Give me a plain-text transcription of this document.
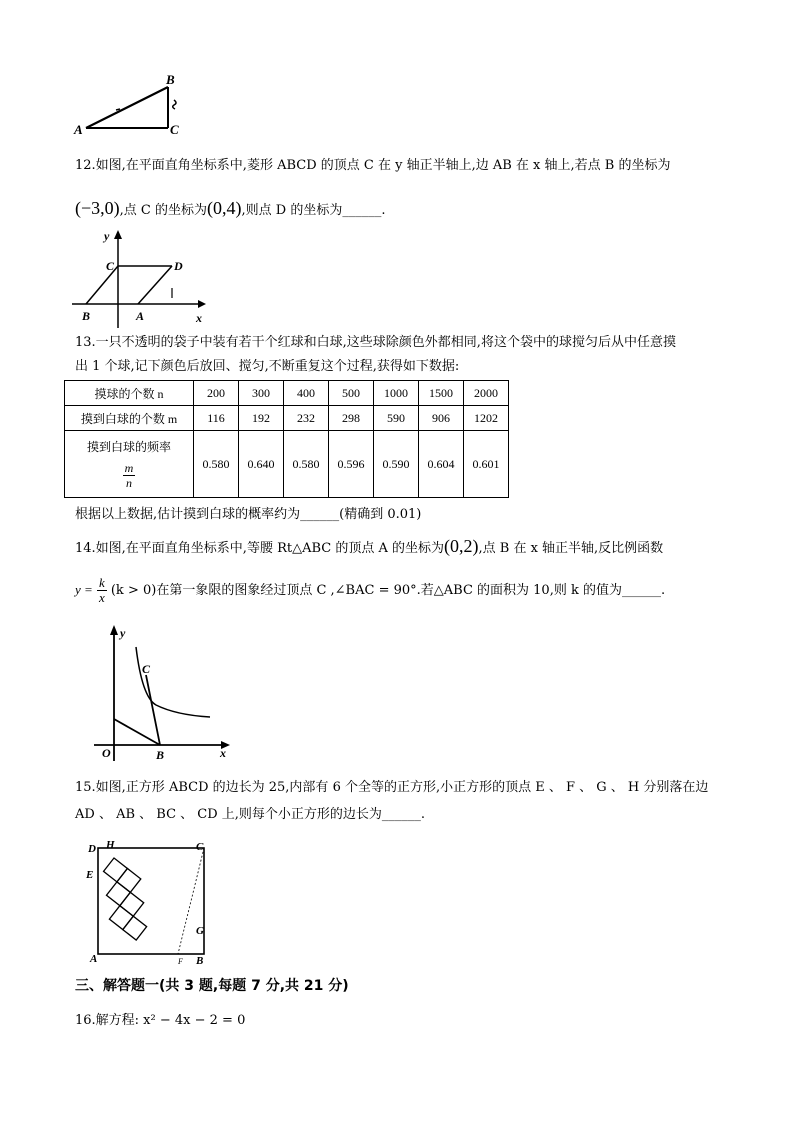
A
B
C
12.如图,在平面直角坐标系中,菱形 ABCD 的顶点 C 在 y 轴正半轴上,边 AB 在 x 轴上,若点 B 的坐标为
(−3,0),点 C 的坐标为(0,4),则点 D 的坐标为______.
y
x
C	D
B	A
13.一只不透明的袋子中装有若干个红球和白球,这些球除颜色外都相同,将这个袋中的球搅匀后从中任意摸
出 1 个球,记下颜色后放回、搅匀,不断重复这个过程,获得如下数据:
摸球的个数 n	200	300	400	500	1000	1500	2000
摸到白球的个数 m	116	192	232	298	590	906	1202

摸到白球的频率
$\frac{m}{n}$	0.580	0.640	0.580	0.596	0.590	0.604	0.601
根据以上数据,估计摸到白球的概率约为______(精确到 0.01)
14.如图,在平面直角坐标系中,等腰 Rt△ABC 的顶点 A 的坐标为(0,2),点 B 在 x 轴正半轴,反比例函数
$y = \frac{k}{x} (k > 0)$在第一象限的图象经过顶点 C ,∠BAC = 90°.若△ABC 的面积为 10,则 k 的值为______.
y
x
C
O	B
15.如图,正方形 ABCD 的边长为 25,内部有 6 个全等的正方形,小正方形的顶点 E 、 F 、 G 、 H 分别落在边
AD 、 AB 、 BC 、 CD 上,则每个小正方形的边长为______.
D H	C
E
G
A	B
F
三、解答题一(共 3 题,每题 7 分,共 21 分)
16.解方程: x² − 4x − 2 = 0
